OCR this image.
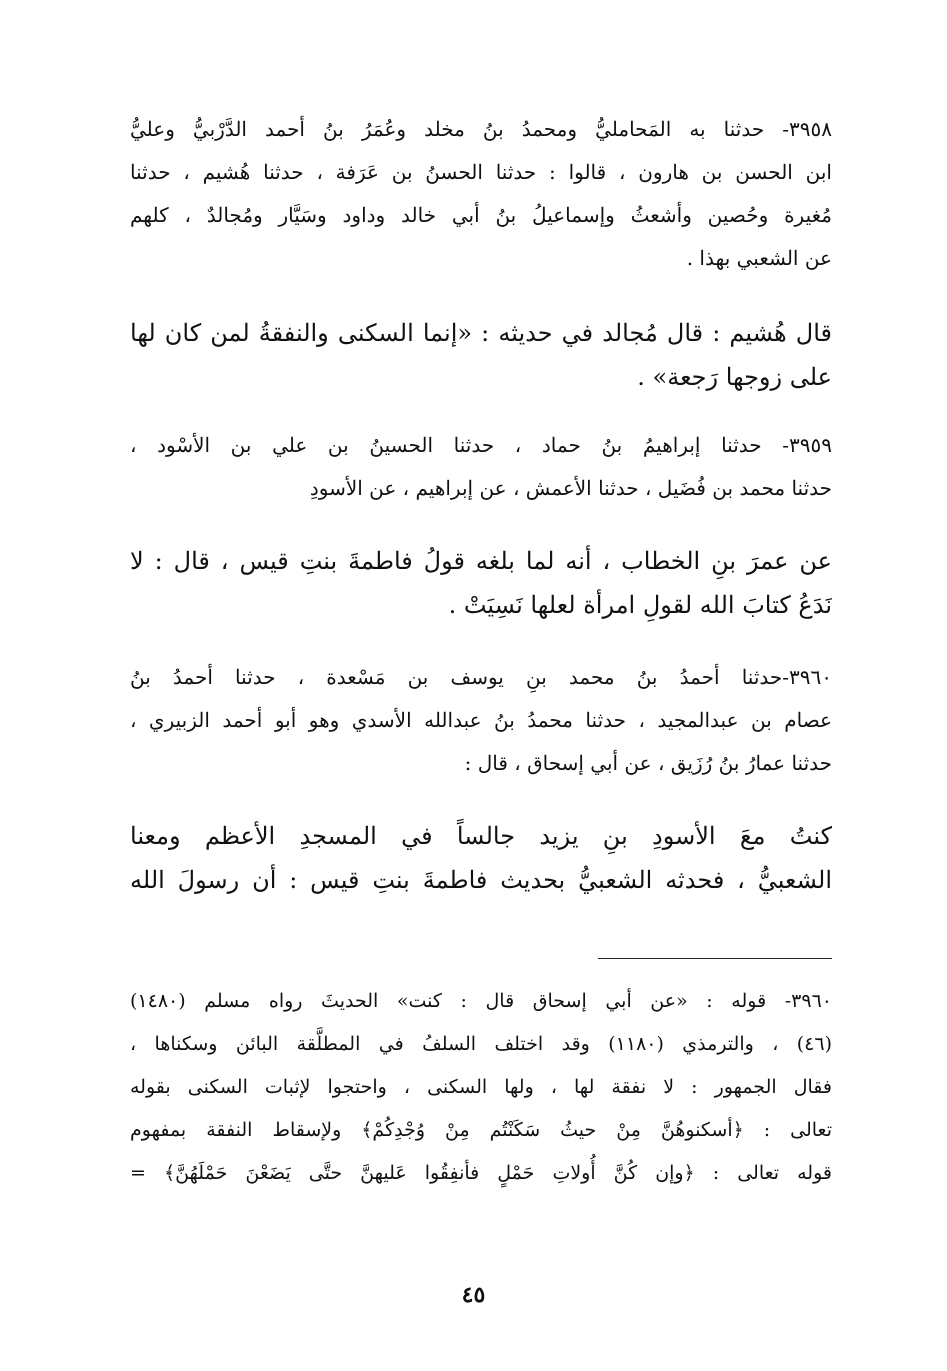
٣٩٥٨- حدثنا به المَحامليُّ ومحمدُ بنُ مخلد وعُمَرُ بنُ أحمد الدَّرْبيُّ وعليُّ
ابن الحسن بن هارون ، قالوا : حدثنا الحسنُ بن عَرَفة ، حدثنا هُشيم ، حدثنا
مُغيرة وحُصين وأشعثُ وإسماعيلُ بنُ أبي خالد وداود وسَيَّار ومُجالدٌ ، كلهم
عن الشعبي بهذا .
قال هُشيم : قال مُجالد في حديثه : «إنما السكنى والنفقةُ لمن كان لها
على زوجها رَجعة» .
٣٩٥٩- حدثنا إبراهيمُ بنُ حماد ، حدثنا الحسينُ بن علي بن الأسْود ،
حدثنا محمد بن فُضَيل ، حدثنا الأعمش ، عن إبراهيم ، عن الأسودِ
عن عمرَ بنِ الخطاب ، أنه لما بلغه قولُ فاطمةَ بنتِ قيس ، قال : لا
نَدَعُ كتابَ الله لقولِ امرأة لعلها نَسِيَتْ .
٣٩٦٠-حدثنا أحمدُ بنُ محمد بنِ يوسف بن مَسْعدة ، حدثنا أحمدُ بنُ
عصام بن عبدالمجيد ، حدثنا محمدُ بنُ عبدالله الأسدي وهو أبو أحمد الزبيري ،
حدثنا عمارُ بنُ رُزَيق ، عن أبي إسحاق ، قال :
كنتُ معَ الأسودِ بنِ يزيد جالساً في المسجدِ الأعظم ومعنا
الشعبيُّ ، فحدثه الشعبيُّ بحديث فاطمةَ بنتِ قيس : أن رسولَ الله
٣٩٦٠- قوله : «عن أبي إسحاق قال : كنت» الحديثَ رواه مسلم (١٤٨٠)
(٤٦) ، والترمذي (١١٨٠) وقد اختلف السلفُ في المطلَّقة البائن وسكناها ،
فقال الجمهور : لا نفقة لها ، ولها السكنى ، واحتجوا لإثبات السكنى بقوله
تعالى : ﴿أسكنوهُنَّ مِنْ حيثُ سَكَنْتُم مِنْ وُجْدِكُمْ﴾ ولإسقاط النفقة بمفهوم
قوله تعالى : ﴿وإن كُنَّ أُولاتِ حَمْلٍ فأنفِقُوا عَليهنَّ حتَّى يَضَعْنَ حَمْلَهُنَّ﴾ =
٤٥
